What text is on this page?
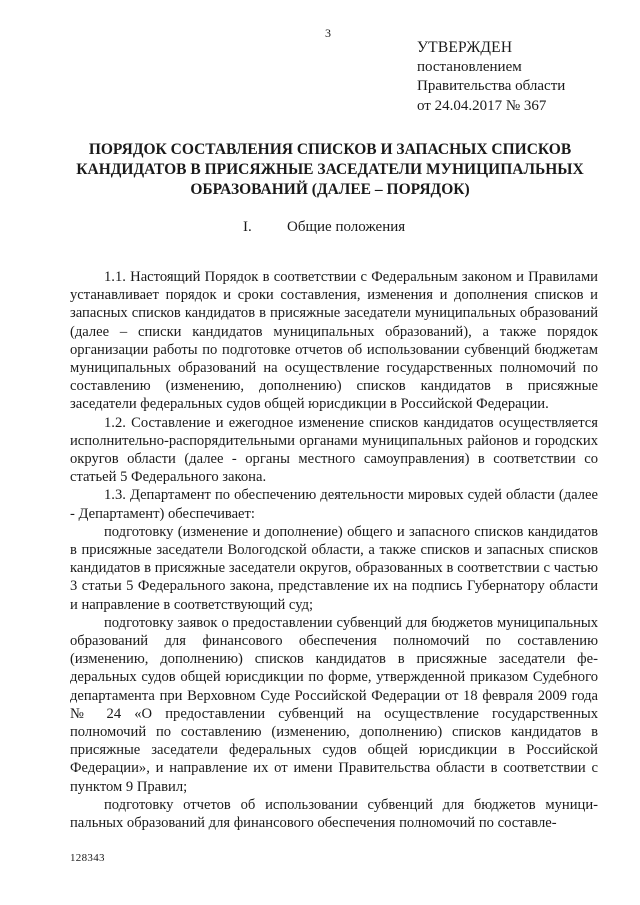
3
УТВЕРЖДЕН
постановлением
Правительства области
от 24.04.2017 № 367
ПОРЯДОК СОСТАВЛЕНИЯ СПИСКОВ И ЗАПАСНЫХ СПИСКОВ
КАНДИДАТОВ В ПРИСЯЖНЫЕ ЗАСЕДАТЕЛИ МУНИЦИПАЛЬНЫХ
ОБРАЗОВАНИЙ (ДАЛЕЕ – ПОРЯДОК)
I. Общие положения

1.1. Настоящий Порядок в соответствии с Федеральным законом и Правилами устанавливает порядок и сроки составления, изменения и дополнения списков и запасных списков кандидатов в присяжные заседатели муниципальных образований (далее – списки кандидатов муниципальных образований), а также порядок организации работы по подготовке отчетов об использовании субвенций бюджетам муниципальных образований на осуществление государственных полномочий по составлению (изменению, дополнению) списков кандидатов в присяжные заседатели федеральных судов общей юрисдикции в Российской Федерации.

1.2. Составление и ежегодное изменение списков кандидатов осуществляется исполнительно-распорядительными органами муниципальных районов и городских округов области (далее - органы местного самоуправления) в соответствии со статьей 5 Федерального закона.

1.3. Департамент по обеспечению деятельности мировых судей области (далее - Департамент) обеспечивает:

подготовку (изменение и дополнение) общего и запасного списков кандидатов в присяжные заседатели Вологодской области, а также списков и запасных списков кандидатов в присяжные заседатели округов, образованных в соответствии с частью 3 статьи 5 Федерального закона, представление их на подпись Губернатору области и направление в соответствующий суд;

подготовку заявок о предоставлении субвенций для бюджетов муниципальных образований для финансового обеспечения полномочий по составлению (изменению, дополнению) списков кандидатов в присяжные заседатели федеральных судов общей юрисдикции по форме, утвержденной приказом Судебного департамента при Верховном Суде Российской Федерации от 18 февраля 2009 года № 24 «О предоставлении субвенций на осуществление государственных полномочий по составлению (изменению, дополнению) списков кандидатов в присяжные заседатели федеральных судов общей юрисдикции в Российской Федерации», и направление их от имени Правительства области в соответствии с пунктом 9 Правил;

подготовку отчетов об использовании субвенций для бюджетов муниципальных образований для финансового обеспечения полномочий по составле-

128343
